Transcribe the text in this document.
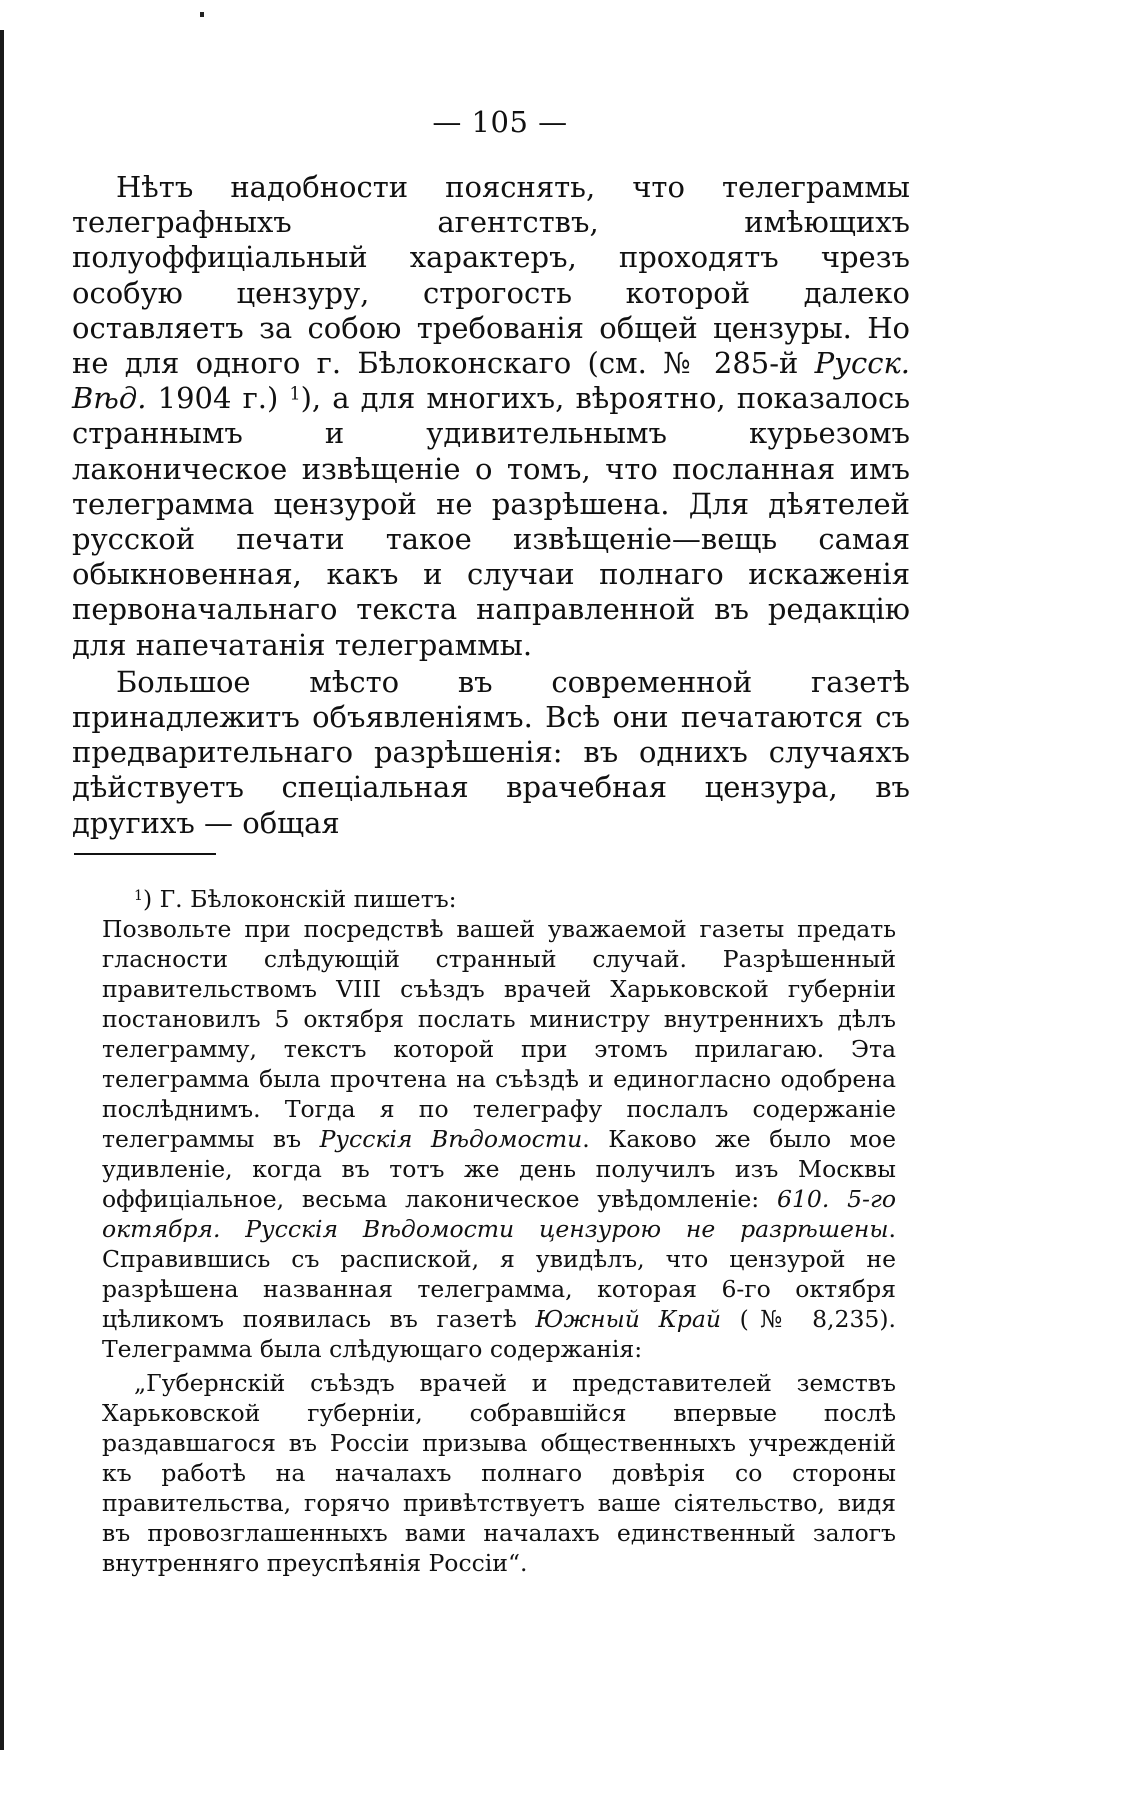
— 105 —

Нѣтъ надобности пояснять, что телеграммы телеграфныхъ агентствъ, имѣющихъ полуоффиціальный характеръ, проходятъ чрезъ особую цензуру, строгость которой далеко оставляетъ за собою требованія общей цензуры. Но не для одного г. Бѣлоконскаго (см. № 285-й Русск. Вѣд. 1904 г.) $^1$), а для многихъ, вѣроятно, показалось страннымъ и удивительнымъ курьезомъ лаконическое извѣщеніе о томъ, что посланная имъ телеграмма цензурой не разрѣшена. Для дѣятелей русской печати такое извѣщеніе—вещь самая обыкновенная, какъ и случаи полнаго искаженія первоначальнаго текста направленной въ редакцію для напечатанія телеграммы.

Большое мѣсто въ современной газетѣ принадлежитъ объявленіямъ. Всѣ они печатаются съ предварительнаго разрѣшенія: въ однихъ случаяхъ дѣйствуетъ спеціальная врачебная цензура, въ другихъ — общая

$^1$) Г. Бѣлоконскій пишетъ:

Позвольте при посредствѣ вашей уважаемой газеты предать гласности слѣдующій странный случай. Разрѣшенный правительствомъ VIII съѣздъ врачей Харьковской губерніи постановилъ 5 октября послать министру внутреннихъ дѣлъ телеграмму, текстъ которой при этомъ прилагаю. Эта телеграмма была прочтена на съѣздѣ и единогласно одобрена послѣднимъ. Тогда я по телеграфу послалъ содержаніе телеграммы въ Русскія Вѣдомости. Каково же было мое удивленіе, когда въ тотъ же день получилъ изъ Москвы оффиціальное, весьма лаконическое увѣдомленіе: 610. 5-го октября. Русскія Вѣдомости цензурою не разрѣшены. Справившись съ распиской, я увидѣлъ, что цензурой не разрѣшена названная телеграмма, которая 6-го октября цѣликомъ появилась въ газетѣ Южный Край (№ 8,235). Телеграмма была слѣдующаго содержанія:

„Губернскій съѣздъ врачей и представителей земствъ Харьковской губерніи, собравшійся впервые послѣ раздавшагося въ Россіи призыва общественныхъ учрежденій къ работѣ на началахъ полнаго довѣрія со стороны правительства, горячо привѣтствуетъ ваше сіятельство, видя въ провозглашенныхъ вами началахъ единственный залогъ внутренняго преуспѣянія Россіи“.
